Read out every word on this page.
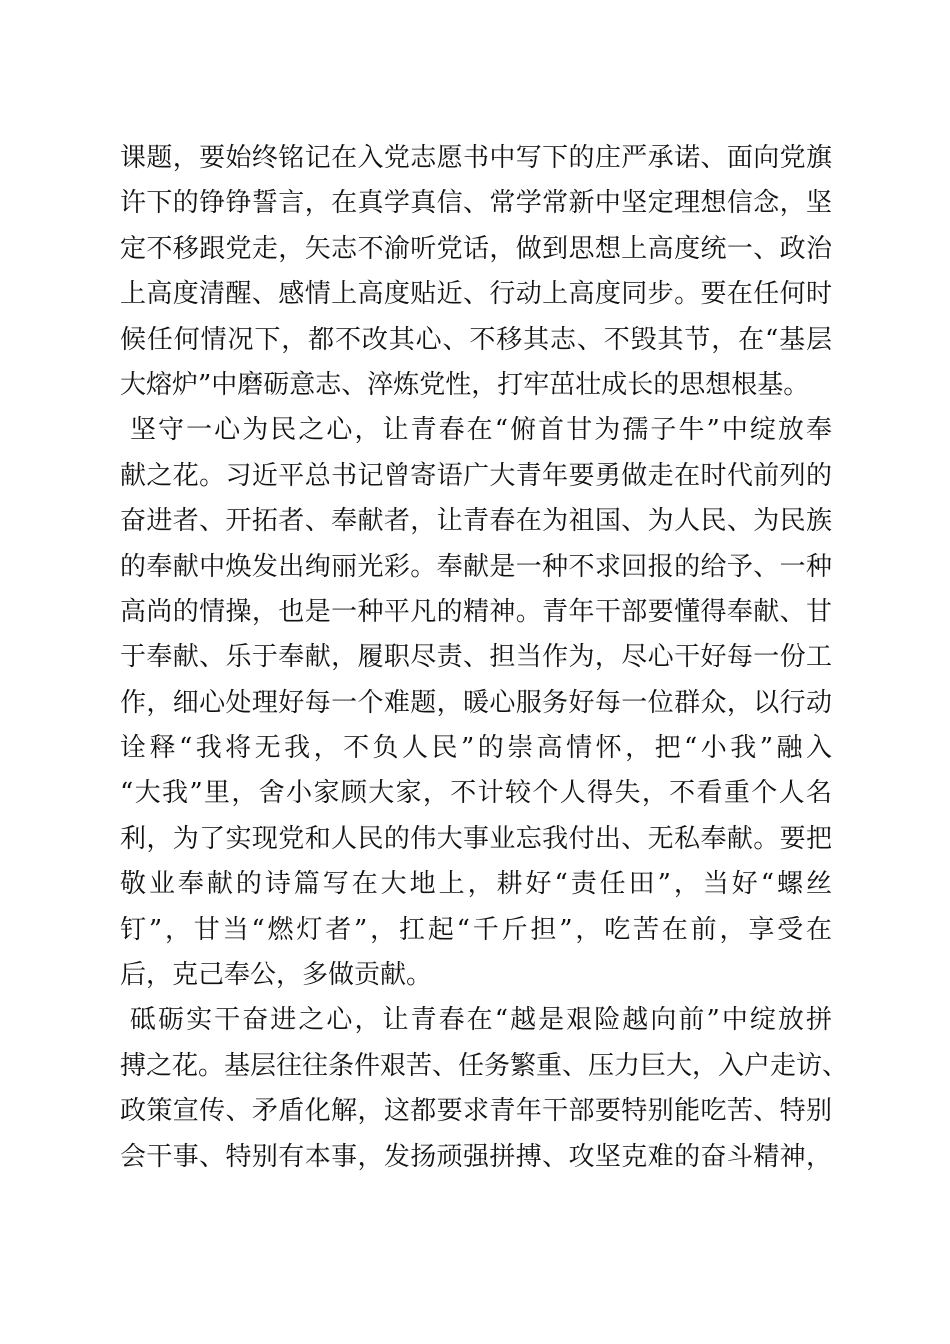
课题，要始终铭记在入党志愿书中写下的庄严承诺、面向党旗
许下的铮铮誓言，在真学真信、常学常新中坚定理想信念，坚
定不移跟党走，矢志不渝听党话，做到思想上高度统一、政治
上高度清醒、感情上高度贴近、行动上高度同步。要在任何时
候任何情况下，都不改其心、不移其志、不毁其节，在“基层
大熔炉”中磨砺意志、淬炼党性，打牢茁壮成长的思想根基。
坚守一心为民之心，让青春在“俯首甘为孺子牛”中绽放奉
献之花。习近平总书记曾寄语广大青年要勇做走在时代前列的
奋进者、开拓者、奉献者，让青春在为祖国、为人民、为民族
的奉献中焕发出绚丽光彩。奉献是一种不求回报的给予、一种
高尚的情操，也是一种平凡的精神。青年干部要懂得奉献、甘
于奉献、乐于奉献，履职尽责、担当作为，尽心干好每一份工
作，细心处理好每一个难题，暖心服务好每一位群众，以行动
诠释“我将无我，不负人民”的崇高情怀，把“小我”融入
“大我”里，舍小家顾大家，不计较个人得失，不看重个人名
利，为了实现党和人民的伟大事业忘我付出、无私奉献。要把
敬业奉献的诗篇写在大地上，耕好“责任田”，当好“螺丝
钉”，甘当“燃灯者”，扛起“千斤担”，吃苦在前，享受在
后，克己奉公，多做贡献。
砥砺实干奋进之心，让青春在“越是艰险越向前”中绽放拼
搏之花。基层往往条件艰苦、任务繁重、压力巨大，入户走访、
政策宣传、矛盾化解，这都要求青年干部要特别能吃苦、特别
会干事、特别有本事，发扬顽强拼搏、攻坚克难的奋斗精神，
